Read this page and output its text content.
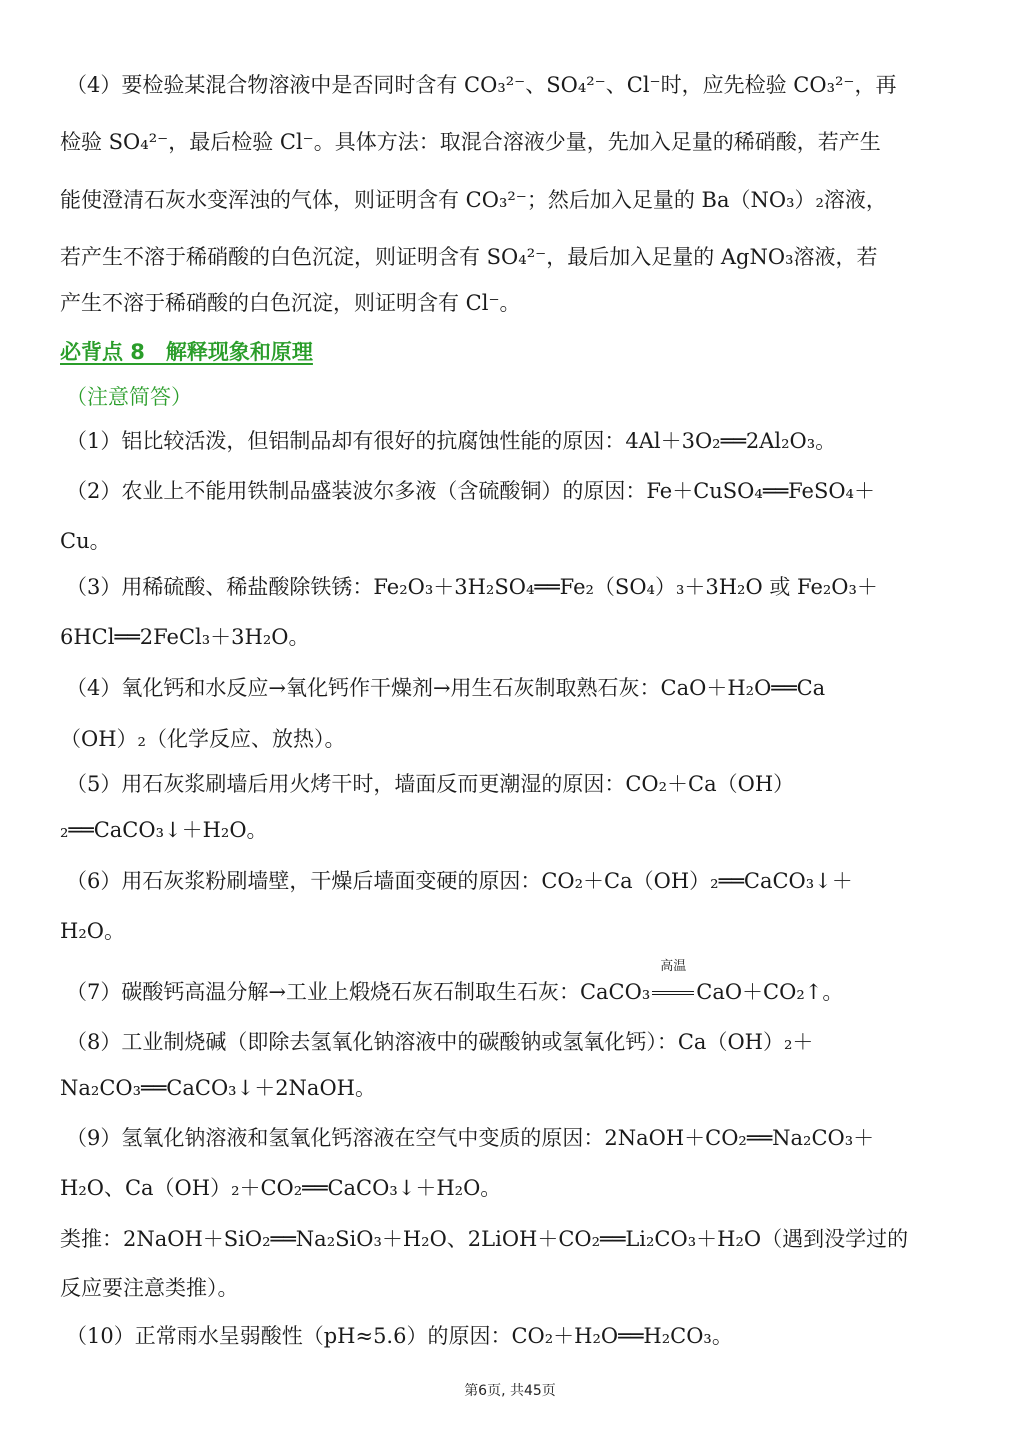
（4）要检验某混合物溶液中是否同时含有 CO₃²⁻、SO₄²⁻、Cl⁻时，应先检验 CO₃²⁻，再
检验 SO₄²⁻，最后检验 Cl⁻。具体方法：取混合溶液少量，先加入足量的稀硝酸，若产生
能使澄清石灰水变浑浊的气体，则证明含有 CO₃²⁻；然后加入足量的 Ba（NO₃）₂溶液，
若产生不溶于稀硝酸的白色沉淀，则证明含有 SO₄²⁻，最后加入足量的 AgNO₃溶液，若
产生不溶于稀硝酸的白色沉淀，则证明含有 Cl⁻。
必背点 8　解释现象和原理
（注意简答）
（1）铝比较活泼，但铝制品却有很好的抗腐蚀性能的原因：4Al＋3O₂══2Al₂O₃。
（2）农业上不能用铁制品盛装波尔多液（含硫酸铜）的原因：Fe＋CuSO₄══FeSO₄＋
Cu。
（3）用稀硫酸、稀盐酸除铁锈：Fe₂O₃＋3H₂SO₄══Fe₂（SO₄）₃＋3H₂O 或 Fe₂O₃＋
6HCl══2FeCl₃＋3H₂O。
（4）氧化钙和水反应→氧化钙作干燥剂→用生石灰制取熟石灰：CaO＋H₂O══Ca
（OH）₂（化学反应、放热）。
（5）用石灰浆刷墙后用火烤干时，墙面反而更潮湿的原因：CO₂＋Ca（OH）
₂══CaCO₃↓＋H₂O。
（6）用石灰浆粉刷墙壁，干燥后墙面变硬的原因：CO₂＋Ca（OH）₂══CaCO₃↓＋
H₂O。
（7）碳酸钙高温分解→工业上煅烧石灰石制取生石灰：CaCO₃
高温
CaO＋CO₂↑。
（8）工业制烧碱（即除去氢氧化钠溶液中的碳酸钠或氢氧化钙）：Ca（OH）₂＋
Na₂CO₃══CaCO₃↓＋2NaOH。
（9）氢氧化钠溶液和氢氧化钙溶液在空气中变质的原因：2NaOH＋CO₂══Na₂CO₃＋
H₂O、Ca（OH）₂＋CO₂══CaCO₃↓＋H₂O。
类推：2NaOH＋SiO₂══Na₂SiO₃＋H₂O、2LiOH＋CO₂══Li₂CO₃＋H₂O（遇到没学过的
反应要注意类推）。
（10）正常雨水呈弱酸性（pH≈5.6）的原因：CO₂＋H₂O══H₂CO₃。
第6页, 共45页
